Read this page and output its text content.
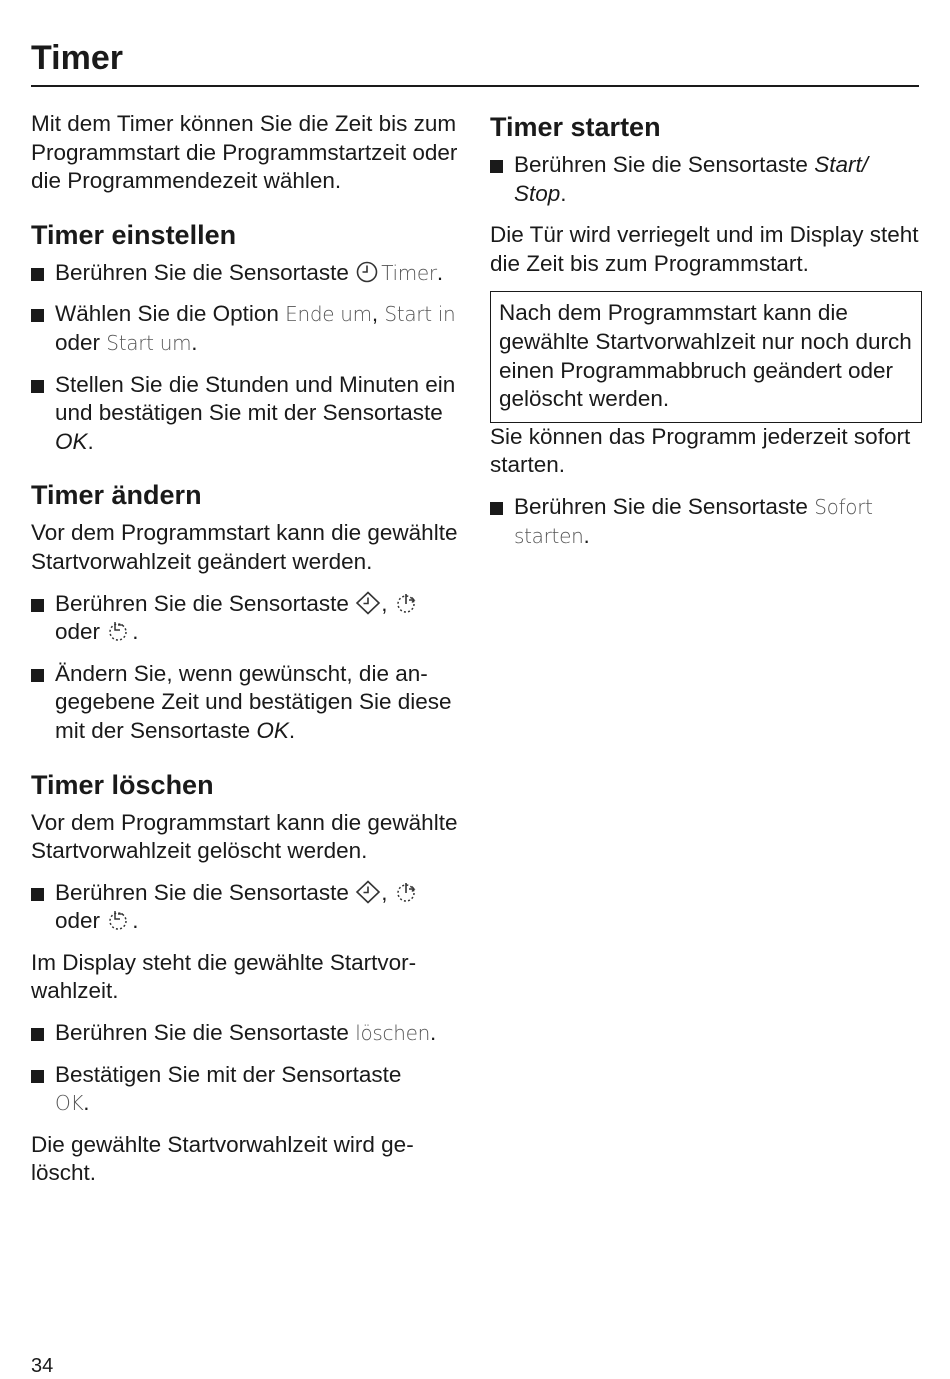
Timer

Mit dem Timer können Sie die Zeit bis zum Programmstart die Programmstartzeit oder die Programmendezeit wählen.

Timer einstellen
Berühren Sie die Sensortaste Timer.
Wählen Sie die Option Ende um, Start in oder Start um.
Stellen Sie die Stunden und Minuten ein und bestätigen Sie mit der Sensortaste OK.
Timer ändern

Vor dem Programmstart kann die gewählte Startvorwahlzeit geändert werden.

Berühren Sie die Sensortaste ,
oder .
Ändern Sie, wenn gewünscht, die angegebene Zeit und bestätigen Sie diese mit der Sensortaste OK.
Timer löschen

Vor dem Programmstart kann die gewählte Startvorwahlzeit gelöscht werden.

Berühren Sie die Sensortaste ,
oder .

Im Display steht die gewählte Startvorwahlzeit.

Berühren Sie die Sensortaste löschen.
Bestätigen Sie mit der Sensortaste
OK.

Die gewählte Startvorwahlzeit wird gelöscht.

Timer starten
Berühren Sie die Sensortaste Start/ Stop.

Die Tür wird verriegelt und im Display steht die Zeit bis zum Programmstart.

Nach dem Programmstart kann die gewählte Startvorwahlzeit nur noch durch einen Programmabbruch geändert oder gelöscht werden.

Sie können das Programm jederzeit sofort starten.

Berühren Sie die Sensortaste Sofort starten.
34
